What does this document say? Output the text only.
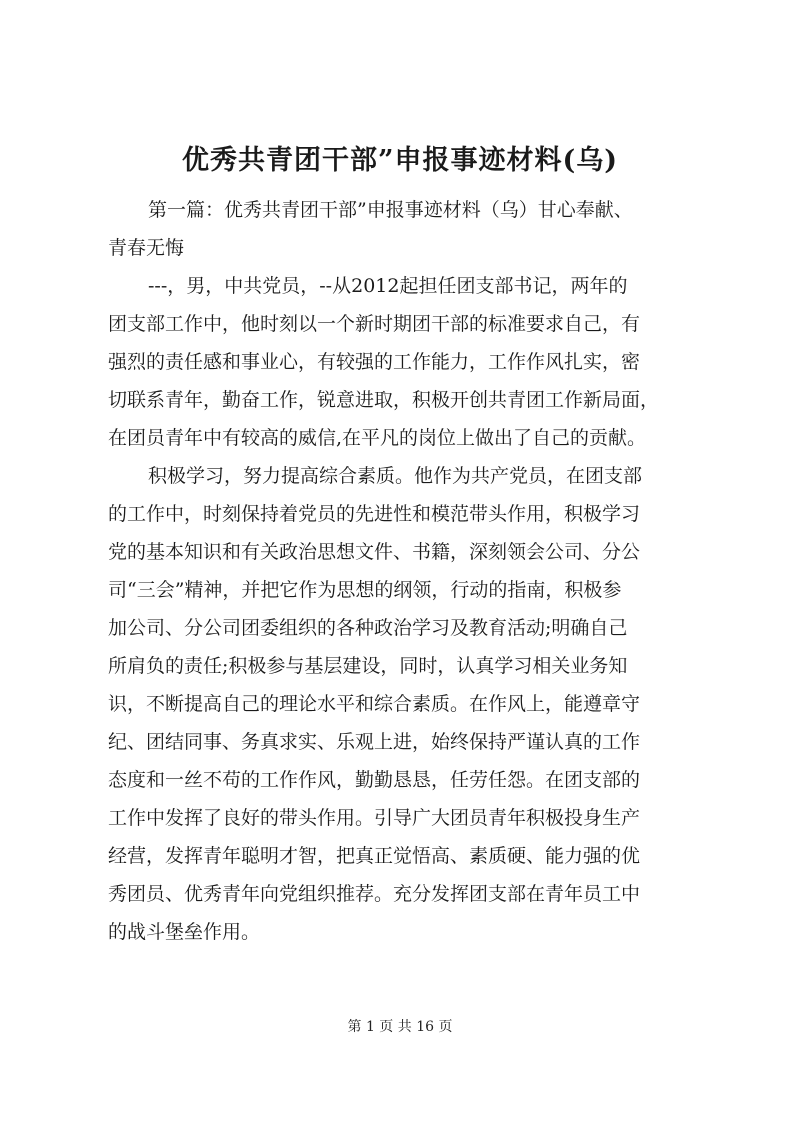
优秀共青团干部”申报事迹材料(乌)
第一篇：优秀共青团干部”申报事迹材料（乌）甘心奉献、
青春无悔
---，男，中共党员，--从2012起担任团支部书记，两年的
团支部工作中，他时刻以一个新时期团干部的标准要求自己，有
强烈的责任感和事业心，有较强的工作能力，工作作风扎实，密
切联系青年，勤奋工作，锐意进取，积极开创共青团工作新局面，
在团员青年中有较高的威信,在平凡的岗位上做出了自己的贡献。
积极学习，努力提高综合素质。他作为共产党员，在团支部
的工作中，时刻保持着党员的先进性和模范带头作用，积极学习
党的基本知识和有关政治思想文件、书籍，深刻领会公司、分公
司“三会”精神，并把它作为思想的纲领，行动的指南，积极参
加公司、分公司团委组织的各种政治学习及教育活动;明确自己
所肩负的责任;积极参与基层建设，同时，认真学习相关业务知
识，不断提高自己的理论水平和综合素质。在作风上，能遵章守
纪、团结同事、务真求实、乐观上进，始终保持严谨认真的工作
态度和一丝不苟的工作作风，勤勤恳恳，任劳任怨。在团支部的
工作中发挥了良好的带头作用。引导广大团员青年积极投身生产
经营，发挥青年聪明才智，把真正觉悟高、素质硬、能力强的优
秀团员、优秀青年向党组织推荐。充分发挥团支部在青年员工中
的战斗堡垒作用。
第 1 页 共 16 页
